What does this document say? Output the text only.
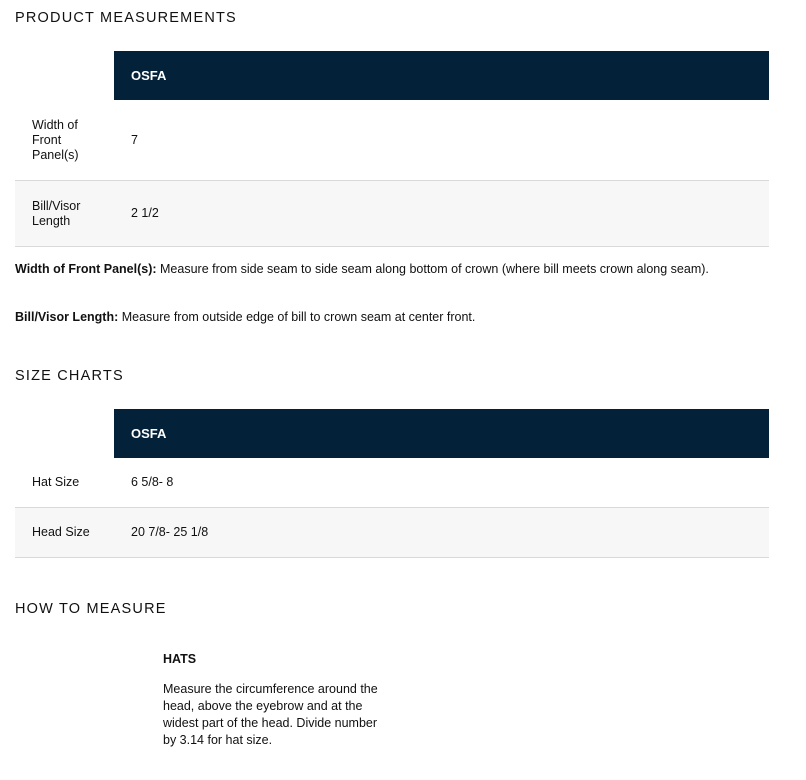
PRODUCT MEASUREMENTS
OSFA
Width of Front Panel(s)
7
Bill/Visor Length
2 1/2

Width of Front Panel(s): Measure from side seam to side seam along bottom of crown (where bill meets crown along seam).

Bill/Visor Length: Measure from outside edge of bill to crown seam at center front.

SIZE CHARTS
OSFA
Hat Size	6 5/8- 8
Head Size	20 7/8- 25 1/8
HOW TO MEASURE

HATS

Measure the circumference around the head, above the eyebrow and at the widest part of the head. Divide number by 3.14 for hat size.
